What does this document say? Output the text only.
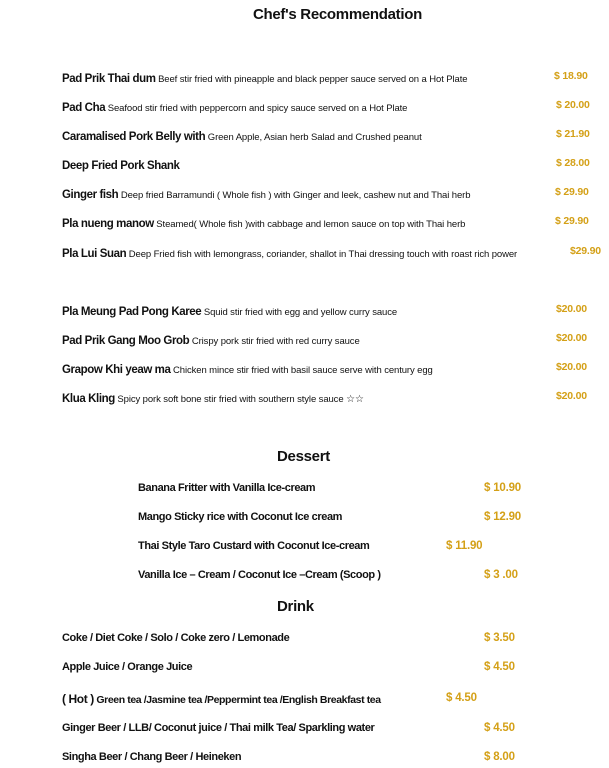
Chef's Recommendation
Pad Prik Thai dum Beef stir fried with pineapple and black pepper sauce served on a Hot Plate	$ 18.90
Pad Cha Seafood stir fried with peppercorn and spicy sauce served on a Hot Plate	$ 20.00
Caramalised Pork Belly with Green Apple, Asian herb Salad and Crushed peanut	$ 21.90
Deep Fried Pork Shank	$ 28.00
Ginger fish Deep fried Barramundi ( Whole fish ) with Ginger and leek, cashew nut and Thai herb	$ 29.90
Pla nueng manow Steamed( Whole fish )with cabbage and lemon sauce on top with Thai herb	$ 29.90
Pla Lui Suan Deep Fried fish with lemongrass, coriander, shallot in Thai dressing touch with roast rich power	$29.90
Pla Meung Pad Pong Karee Squid stir fried with egg and yellow curry sauce	$20.00
Pad Prik Gang Moo Grob Crispy pork stir fried with red curry sauce	$20.00
Grapow Khi yeaw ma Chicken mince stir fried with basil sauce serve with century egg	$20.00
Klua Kling Spicy pork soft bone stir fried with southern style sauce ☆☆	$20.00
Dessert
Banana Fritter with Vanilla Ice-cream	$ 10.90
Mango Sticky rice with Coconut Ice cream	$ 12.90
Thai Style Taro Custard with Coconut Ice-cream	$ 11.90
Vanilla Ice – Cream / Coconut Ice –Cream (Scoop )	$ 3 .00
Drink
Coke / Diet Coke / Solo / Coke zero / Lemonade	$ 3.50
Apple Juice / Orange Juice	$ 4.50
( Hot ) Green tea /Jasmine tea /Peppermint tea /English Breakfast tea	$ 4.50
Ginger Beer / LLB/ Coconut juice / Thai milk Tea/ Sparkling water	$ 4.50
Singha Beer / Chang Beer / Heineken	$ 8.00
